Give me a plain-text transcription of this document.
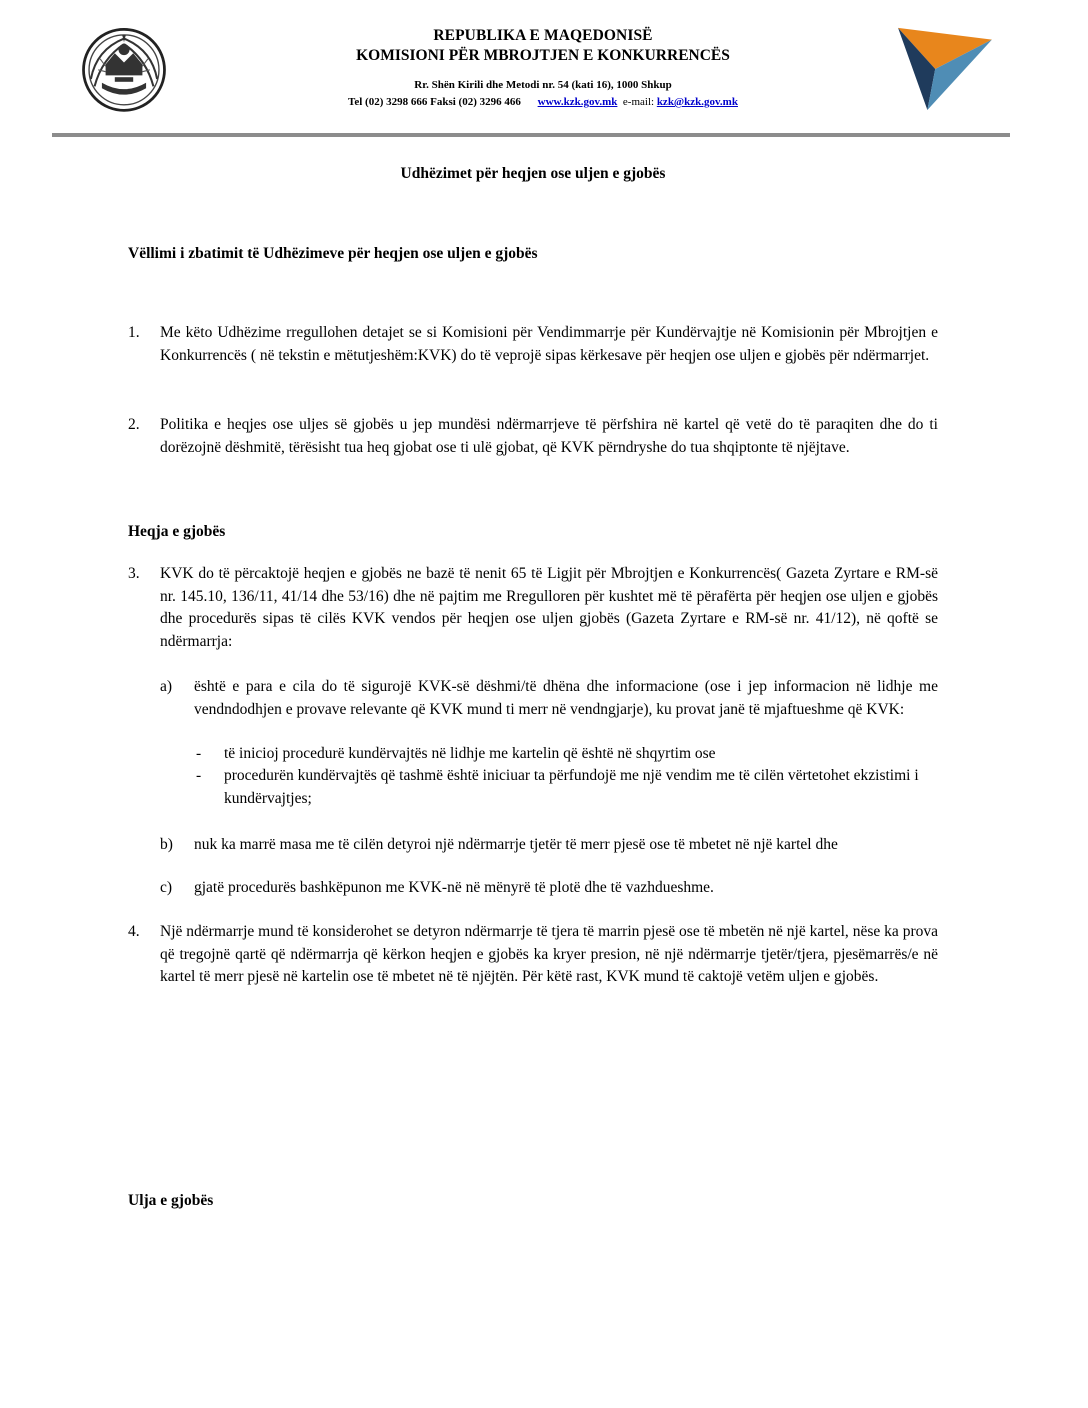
REPUBLIKA E MAQEDONISË
KOMISIONI PËR MBROJTJEN E KONKURRENCËS
Rr. Shën Kirili dhe Metodi nr. 54 (kati 16), 1000 Shkup
Tel (02) 3298 666 Faksi (02) 3296 466 www.kzk.gov.mk e-mail: kzk@kzk.gov.mk
Udhëzimet për heqjen ose uljen e gjobës
Vëllimi i zbatimit të Udhëzimeve për heqjen ose uljen e gjobës
1. Me këto Udhëzime rregullohen detajet se si Komisioni për Vendimmarrje për Kundërvajtje në Komisionin për Mbrojtjen e Konkurrencës ( në tekstin e mëtutjeshëm:KVK) do të veprojë sipas kërkesave për heqjen ose uljen e gjobës për ndërmarrjet.
2. Politika e heqjes ose uljes së gjobës u jep mundësi ndërmarrjeve të përfshira në kartel që vetë do të paraqiten dhe do ti dorëzojnë dëshmitë, tërësisht tua heq gjobat ose ti ulë gjobat, që KVK përndryshe do tua shqiptonte të njëjtave.
Heqja e gjobës
3. KVK do të përcaktojë heqjen e gjobës ne bazë të nenit 65 të Ligjit për Mbrojtjen e Konkurrencës( Gazeta Zyrtare e RM-së nr. 145.10, 136/11, 41/14 dhe 53/16) dhe në pajtim me Rregulloren për kushtet më të përafërta për heqjen ose uljen e gjobës dhe procedurës sipas të cilës KVK vendos për heqjen ose uljen gjobës (Gazeta Zyrtare e RM-së nr. 41/12), në qoftë se ndërmarrja:
a) është e para e cila do të sigurojë KVK-së dëshmi/të dhëna dhe informacione (ose i jep informacion në lidhje me vendndodhjen e provave relevante që KVK mund ti merr në vendngjarje), ku provat janë të mjaftueshme që KVK:
- të inicioj procedurë kundërvajtës në lidhje me kartelin që është në shqyrtim ose
- procedurën kundërvajtës që tashmë është iniciuar ta përfundojë me një vendim me të cilën vërtetohet ekzistimi i kundërvajtjes;
b) nuk ka marrë masa me të cilën detyroi një ndërmarrje tjetër të merr pjesë ose të mbetet në një kartel dhe
c) gjatë procedurës bashkëpunon me KVK-në në mënyrë të plotë dhe të vazhdueshme.
4. Një ndërmarrje mund të konsiderohet se detyron ndërmarrje të tjera të marrin pjesë ose të mbetën në një kartel, nëse ka prova që tregojnë qartë që ndërmarrja që kërkon heqjen e gjobës ka kryer presion, në një ndërmarrje tjetër/tjera, pjesëmarrës/e në kartel të merr pjesë në kartelin ose të mbetet në të njëjtën. Për këtë rast, KVK mund të caktojë vetëm uljen e gjobës.
Ulja e gjobës
